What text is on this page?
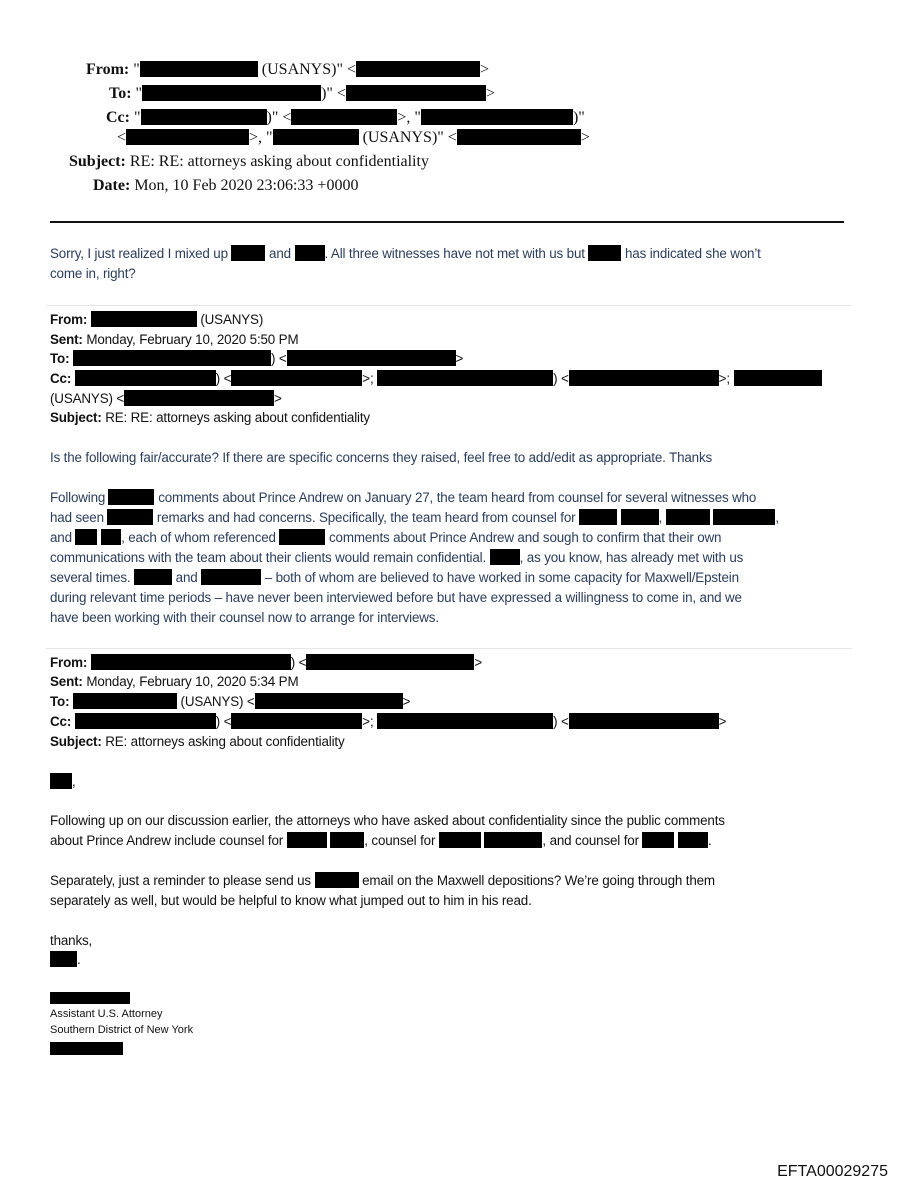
From: "	(USANYS)" <	>
To: "	)" <	>
Cc: "	)" <	>, "	)"
<	>, "	(USANYS)" <	>
Subject: RE: RE: attorneys asking about confidentiality
Date: Mon, 10 Feb 2020 23:06:33 +0000
Sorry, I just realized I mixed up	and	. All three witnesses have not met with us but	has indicated she won’t
come in, right?
From:	(USANYS)
Sent: Monday, February 10, 2020 5:50 PM
To:	) <	>
Cc:	) <	>;	) <	>;
(USANYS) <	>
Subject: RE: RE: attorneys asking about confidentiality
Is the following fair/accurate? If there are specific concerns they raised, feel free to add/edit as appropriate. Thanks
Following	comments about Prince Andrew on January 27, the team heard from counsel for several witnesses who
had seen	remarks and had concerns. Specifically, the team heard from counsel for	,	,
and	, each of whom referenced	comments about Prince Andrew and sough to confirm that their own
communications with the team about their clients would remain confidential.	, as you know, has already met with us
several times.	and	– both of whom are believed to have worked in some capacity for Maxwell/Epstein
during relevant time periods – have never been interviewed before but have expressed a willingness to come in, and we
have been working with their counsel now to arrange for interviews.
From:	) <	>
Sent: Monday, February 10, 2020 5:34 PM
To:	(USANYS) <	>
Cc:	) <	>;	) <	>
Subject: RE: attorneys asking about confidentiality
,
Following up on our discussion earlier, the attorneys who have asked about confidentiality since the public comments
about Prince Andrew include counsel for	, counsel for	, and counsel for	.
Separately, just a reminder to please send us	email on the Maxwell depositions? We’re going through them
separately as well, but would be helpful to know what jumped out to him in his read.
thanks,
.
Assistant U.S. Attorney
Southern District of New York
EFTA00029275
